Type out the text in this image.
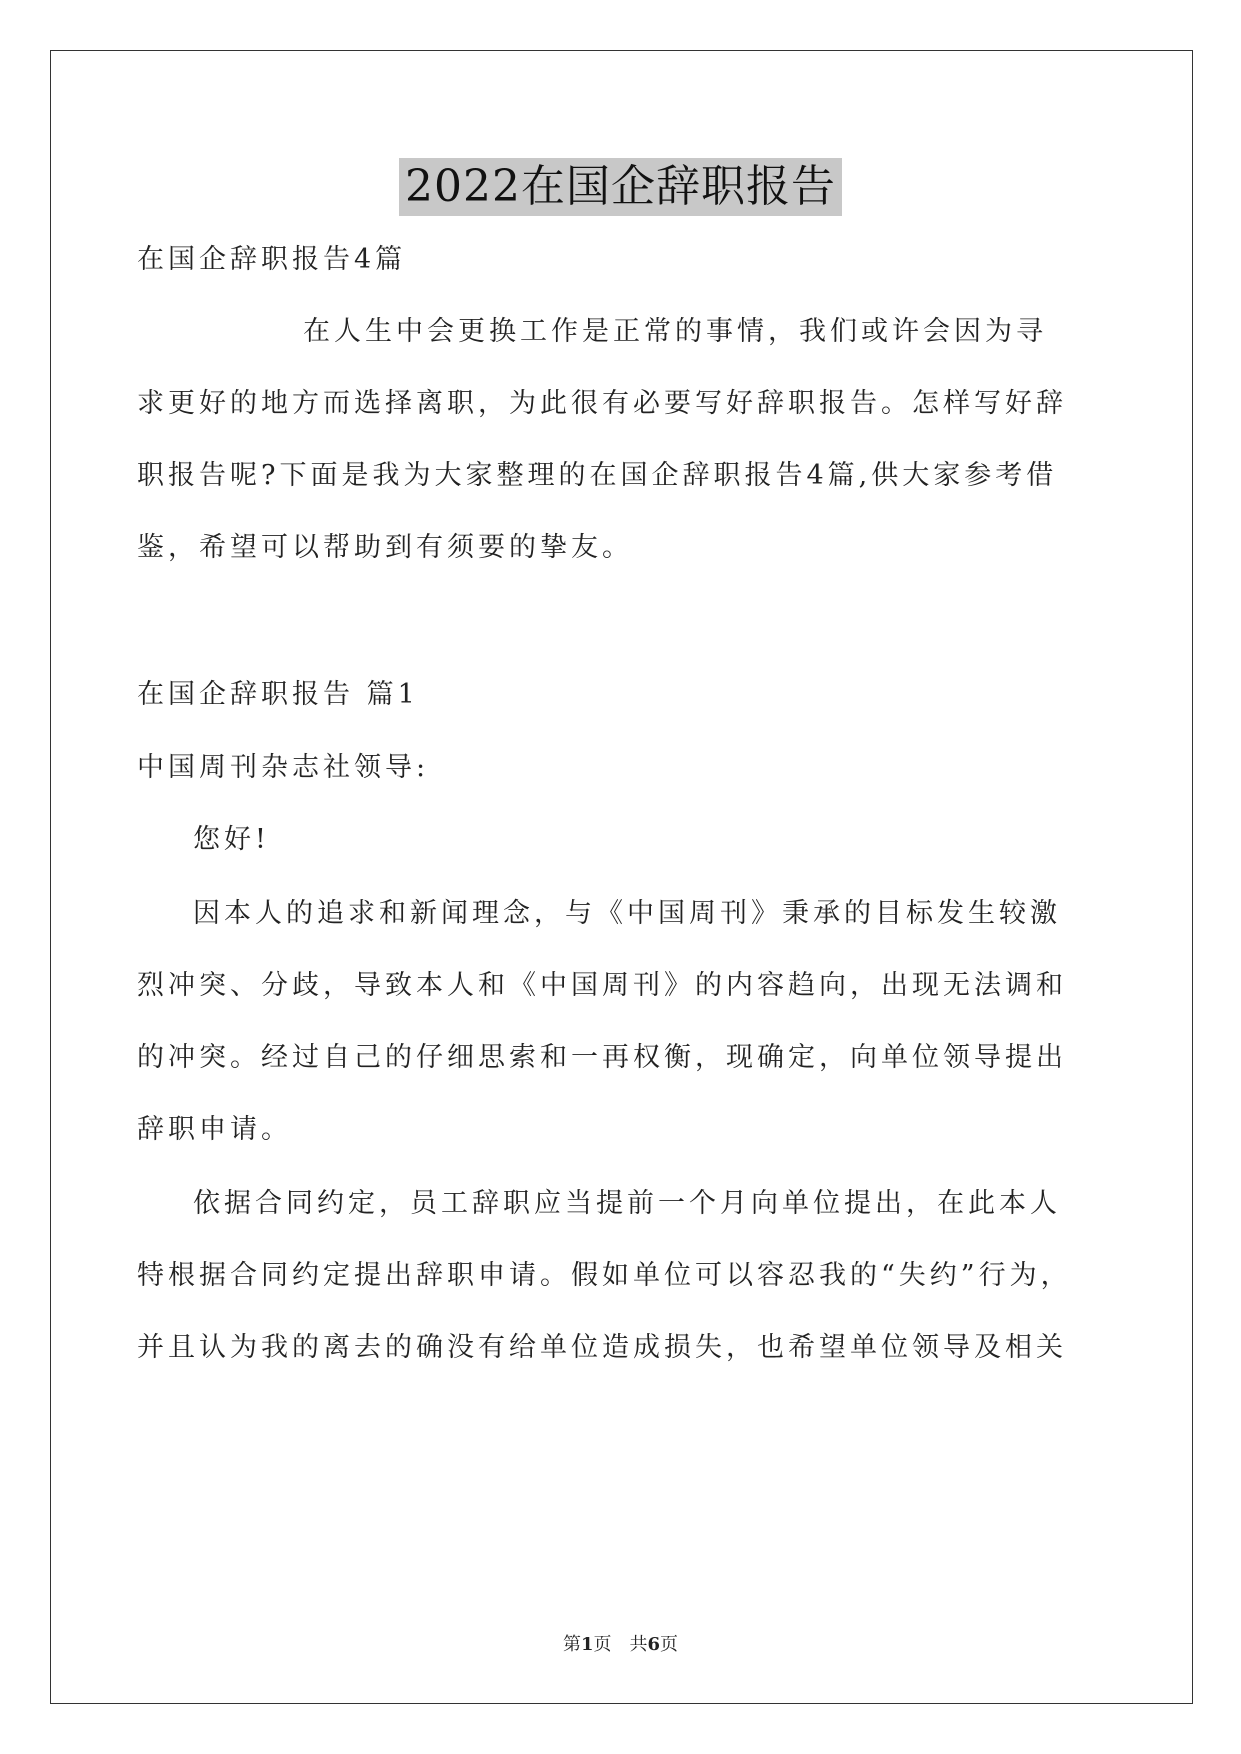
2022在国企辞职报告
在国企辞职报告4篇
在人生中会更换工作是正常的事情，我们或许会因为寻
求更好的地方而选择离职，为此很有必要写好辞职报告。怎样写好辞
职报告呢?下面是我为大家整理的在国企辞职报告4篇,供大家参考借
鉴，希望可以帮助到有须要的挚友。
在国企辞职报告 篇1
中国周刊杂志社领导:
您好!
因本人的追求和新闻理念，与《中国周刊》秉承的目标发生较激
烈冲突、分歧，导致本人和《中国周刊》的内容趋向，出现无法调和
的冲突。经过自己的仔细思索和一再权衡，现确定，向单位领导提出
辞职申请。
依据合同约定，员工辞职应当提前一个月向单位提出，在此本人
特根据合同约定提出辞职申请。假如单位可以容忍我的“失约”行为，
并且认为我的离去的确没有给单位造成损失，也希望单位领导及相关
第1页　共6页
